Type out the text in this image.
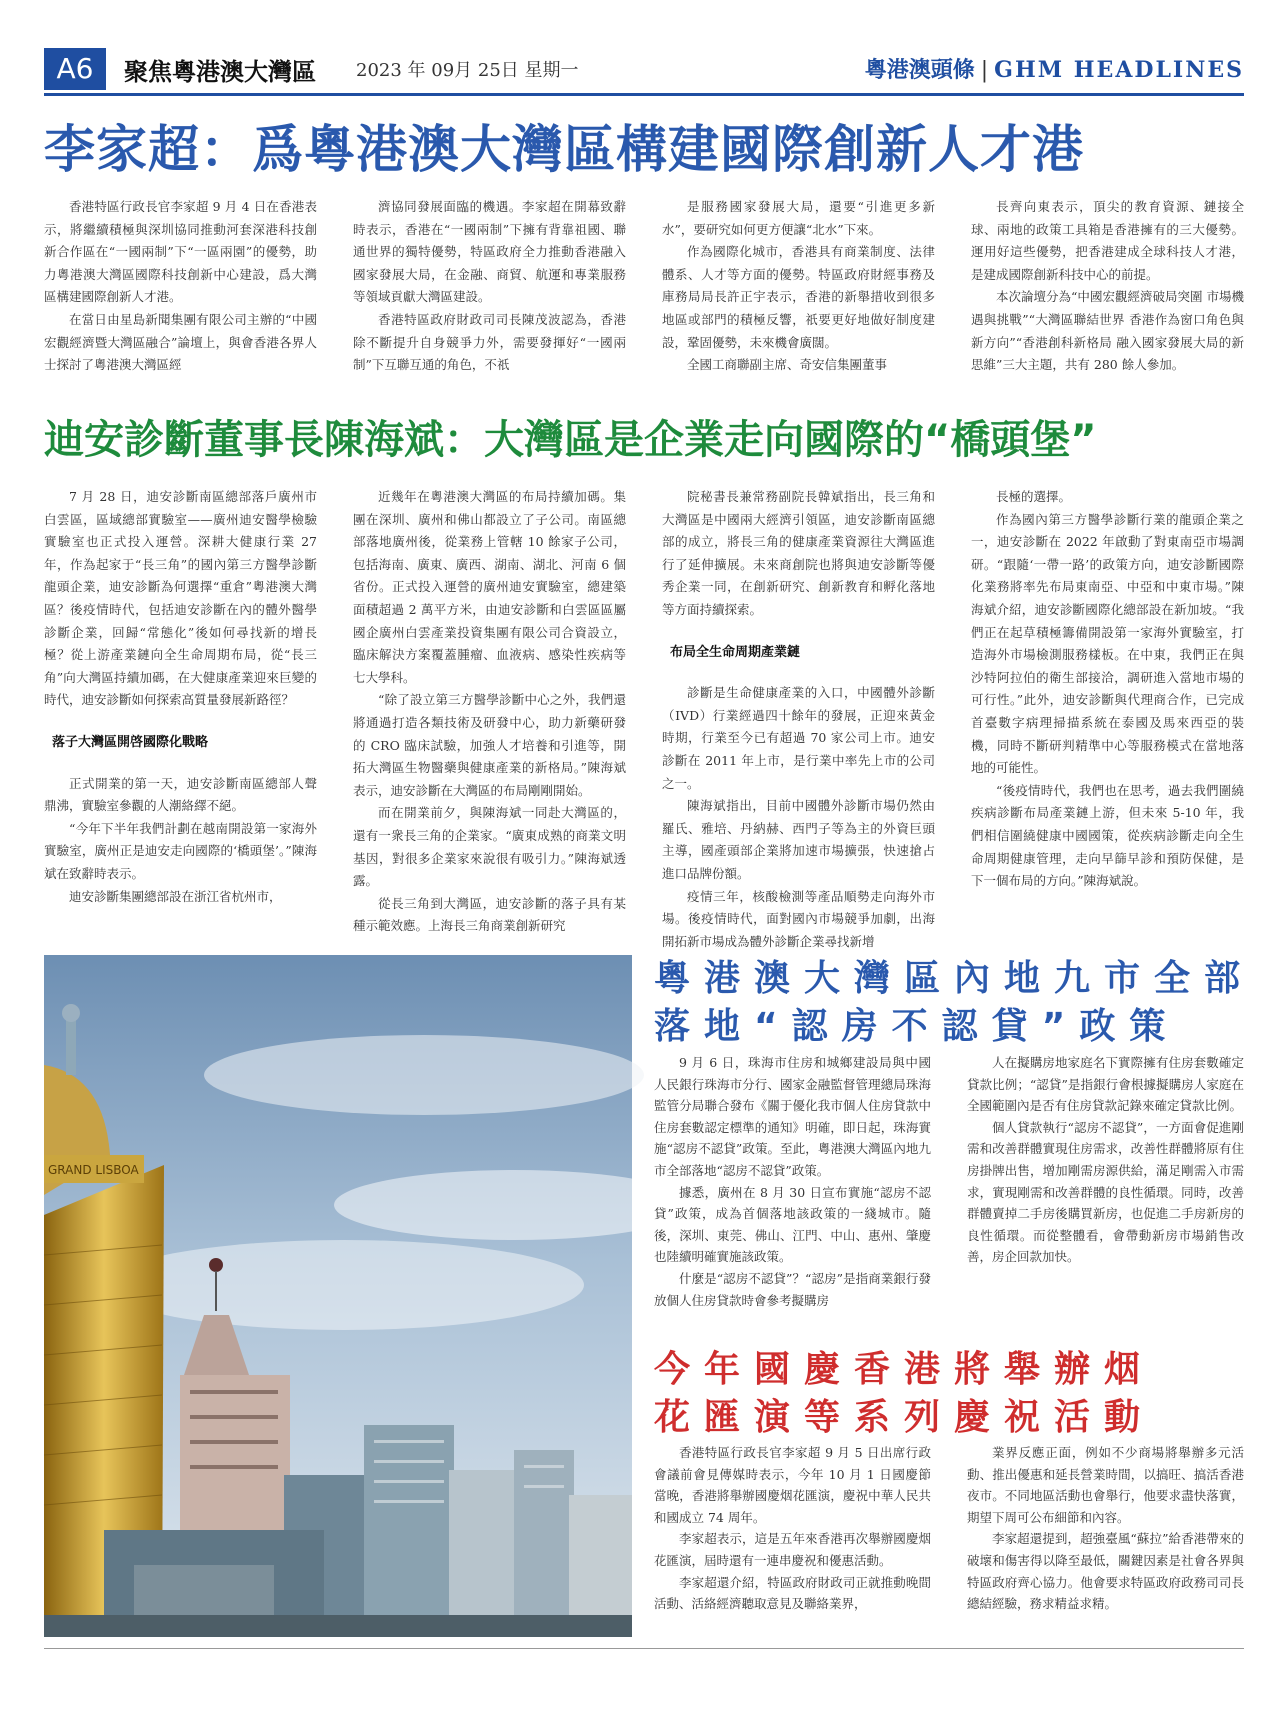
A6	聚焦粵港澳大灣區 2023 年 09月 25日 星期一	粵港澳頭條 | GHM HEADLINES
李家超：爲粵港澳大灣區構建國際創新人才港

香港特區行政長官李家超 9 月 4 日在香港表示，將繼續積極與深圳協同推動河套深港科技創新合作區在“一國兩制”下“一區兩園”的優勢，助力粵港澳大灣區國際科技創新中心建設，爲大灣區構建國際創新人才港。

在當日由星島新聞集團有限公司主辦的“中國宏觀經濟暨大灣區融合”論壇上，與會香港各界人士探討了粵港澳大灣區經

濟協同發展面臨的機遇。李家超在開幕致辭時表示，香港在“一國兩制”下擁有背靠祖國、聯通世界的獨特優勢，特區政府全力推動香港融入國家發展大局，在金融、商貿、航運和專業服務等領域貢獻大灣區建設。

香港特區政府財政司司長陳茂波認為，香港除不斷提升自身競爭力外，需要發揮好“一國兩制”下互聯互通的角色，不祇

是服務國家發展大局，還要“引進更多新水”，要研究如何更方便讓“北水”下來。

作為國際化城市，香港具有商業制度、法律體系、人才等方面的優勢。特區政府財經事務及庫務局局長許正宇表示，香港的新舉措收到很多地區或部門的積極反響，祇要更好地做好制度建設，鞏固優勢，未來機會廣闊。

全國工商聯副主席、奇安信集團董事

長齊向東表示，頂尖的教育資源、鏈接全球、兩地的政策工具箱是香港擁有的三大優勢。運用好這些優勢，把香港建成全球科技人才港，是建成國際創新科技中心的前提。

本次論壇分為“中國宏觀經濟破局突圍 市場機遇與挑戰”“大灣區聯結世界 香港作為窗口角色與新方向”“香港創科新格局 融入國家發展大局的新思維”三大主題，共有 280 餘人參加。

迪安診斷董事長陳海斌：大灣區是企業走向國際的“橋頭堡”

7 月 28 日，迪安診斷南區總部落戶廣州市白雲區，區域總部實驗室——廣州迪安醫學檢驗實驗室也正式投入運營。深耕大健康行業 27 年，作為起家于“長三角”的國內第三方醫學診斷龍頭企業，迪安診斷為何選擇“重倉”粵港澳大灣區？後疫情時代，包括迪安診斷在內的體外醫學診斷企業，回歸“常態化”後如何尋找新的增長極？從上游產業鏈向全生命周期布局，從“長三角”向大灣區持續加碼，在大健康產業迎來巨變的時代，迪安診斷如何探索高質量發展新路徑？

落子大灣區開啓國際化戰略

正式開業的第一天，迪安診斷南區總部人聲鼎沸，實驗室參觀的人潮絡繹不絕。

“今年下半年我們計劃在越南開設第一家海外實驗室，廣州正是迪安走向國際的‘橋頭堡’。”陳海斌在致辭時表示。

迪安診斷集團總部設在浙江省杭州市，

近幾年在粵港澳大灣區的布局持續加碼。集團在深圳、廣州和佛山都設立了子公司。南區總部落地廣州後，從業務上管轄 10 餘家子公司，包括海南、廣東、廣西、湖南、湖北、河南 6 個省份。正式投入運營的廣州迪安實驗室，總建築面積超過 2 萬平方米，由迪安診斷和白雲區區屬國企廣州白雲產業投資集團有限公司合資設立，臨床解決方案覆蓋腫瘤、血液病、感染性疾病等七大學科。

“除了設立第三方醫學診斷中心之外，我們還將通過打造各類技術及研發中心，助力新藥研發的 CRO 臨床試驗，加強人才培養和引進等，開拓大灣區生物醫藥與健康產業的新格局。”陳海斌表示，迪安診斷在大灣區的布局剛剛開始。

而在開業前夕，與陳海斌一同赴大灣區的，還有一衆長三角的企業家。“廣東成熟的商業文明基因，對很多企業家來說很有吸引力。”陳海斌透露。

從長三角到大灣區，迪安診斷的落子具有某種示範效應。上海長三角商業創新研究

院秘書長兼常務副院長韓斌指出，長三角和大灣區是中國兩大經濟引領區，迪安診斷南區總部的成立，將長三角的健康產業資源往大灣區進行了延伸擴展。未來商創院也將與迪安診斷等優秀企業一同，在創新研究、創新教育和孵化落地等方面持續探索。

布局全生命周期產業鏈

診斷是生命健康產業的入口，中國體外診斷（IVD）行業經過四十餘年的發展，正迎來黃金時期，行業至今已有超過 70 家公司上市。迪安診斷在 2011 年上市，是行業中率先上市的公司之一。

陳海斌指出，目前中國體外診斷市場仍然由羅氏、雅培、丹納赫、西門子等為主的外資巨頭主導，國產頭部企業將加速市場擴張，快速搶占進口品牌份額。

疫情三年，核酸檢測等產品順勢走向海外市場。後疫情時代，面對國內市場競爭加劇，出海開拓新市場成為體外診斷企業尋找新增

長極的選擇。

作為國內第三方醫學診斷行業的龍頭企業之一，迪安診斷在 2022 年啟動了對東南亞市場調研。“跟隨‘一帶一路’的政策方向，迪安診斷國際化業務將率先布局東南亞、中亞和中東市場。”陳海斌介紹，迪安診斷國際化總部設在新加坡。“我們正在起草積極籌備開設第一家海外實驗室，打造海外市場檢測服務樣板。在中東，我們正在與沙特阿拉伯的衛生部接洽，調研進入當地市場的可行性。”此外，迪安診斷與代理商合作，已完成首臺數字病理掃描系統在泰國及馬來西亞的裝機，同時不斷研判精準中心等服務模式在當地落地的可能性。

“後疫情時代，我們也在思考，過去我們圍繞疾病診斷布局產業鏈上游，但未來 5-10 年，我們相信圍繞健康中國國策，從疾病診斷走向全生命周期健康管理，走向早篩早診和預防保健，是下一個布局的方向。”陳海斌說。

GRAND LISBOA
粵港澳大灣區內地九市全部
落地“認房不認貸”政策

9 月 6 日，珠海市住房和城鄉建設局與中國人民銀行珠海市分行、國家金融監督管理總局珠海監管分局聯合發布《關于優化我市個人住房貸款中住房套數認定標準的通知》明確，即日起，珠海實施“認房不認貸”政策。至此，粵港澳大灣區內地九市全部落地“認房不認貸”政策。

據悉，廣州在 8 月 30 日宣布實施“認房不認貸”政策，成為首個落地該政策的一綫城市。隨後，深圳、東莞、佛山、江門、中山、惠州、肇慶也陸續明確實施該政策。

什麼是“認房不認貸”？“認房”是指商業銀行發放個人住房貸款時會參考擬購房

人在擬購房地家庭名下實際擁有住房套數確定貸款比例；“認貸”是指銀行會根據擬購房人家庭在全國範圍內是否有住房貸款記錄來確定貸款比例。

個人貸款執行“認房不認貸”，一方面會促進剛需和改善群體實現住房需求，改善性群體將原有住房掛牌出售，增加剛需房源供給，滿足剛需入市需求，實現剛需和改善群體的良性循環。同時，改善群體賣掉二手房後購買新房，也促進二手房新房的良性循環。而從整體看，會帶動新房市場銷售改善，房企回款加快。

今年國慶香港將舉辦烟
花匯演等系列慶祝活動

香港特區行政長官李家超 9 月 5 日出席行政會議前會見傳媒時表示，今年 10 月 1 日國慶節當晚，香港將舉辦國慶烟花匯演，慶祝中華人民共和國成立 74 周年。

李家超表示，這是五年來香港再次舉辦國慶烟花匯演，屆時還有一連串慶祝和優惠活動。

李家超還介紹，特區政府財政司正就推動晚間活動、活絡經濟聽取意見及聯絡業界，

業界反應正面，例如不少商場將舉辦多元活動、推出優惠和延長營業時間，以搞旺、搞活香港夜市。不同地區活動也會舉行，他要求盡快落實，期望下周可公布細節和內容。

李家超還提到，超強臺風“蘇拉”給香港帶來的破壞和傷害得以降至最低，關鍵因素是社會各界與特區政府齊心協力。他會要求特區政府政務司司長總結經驗，務求精益求精。
